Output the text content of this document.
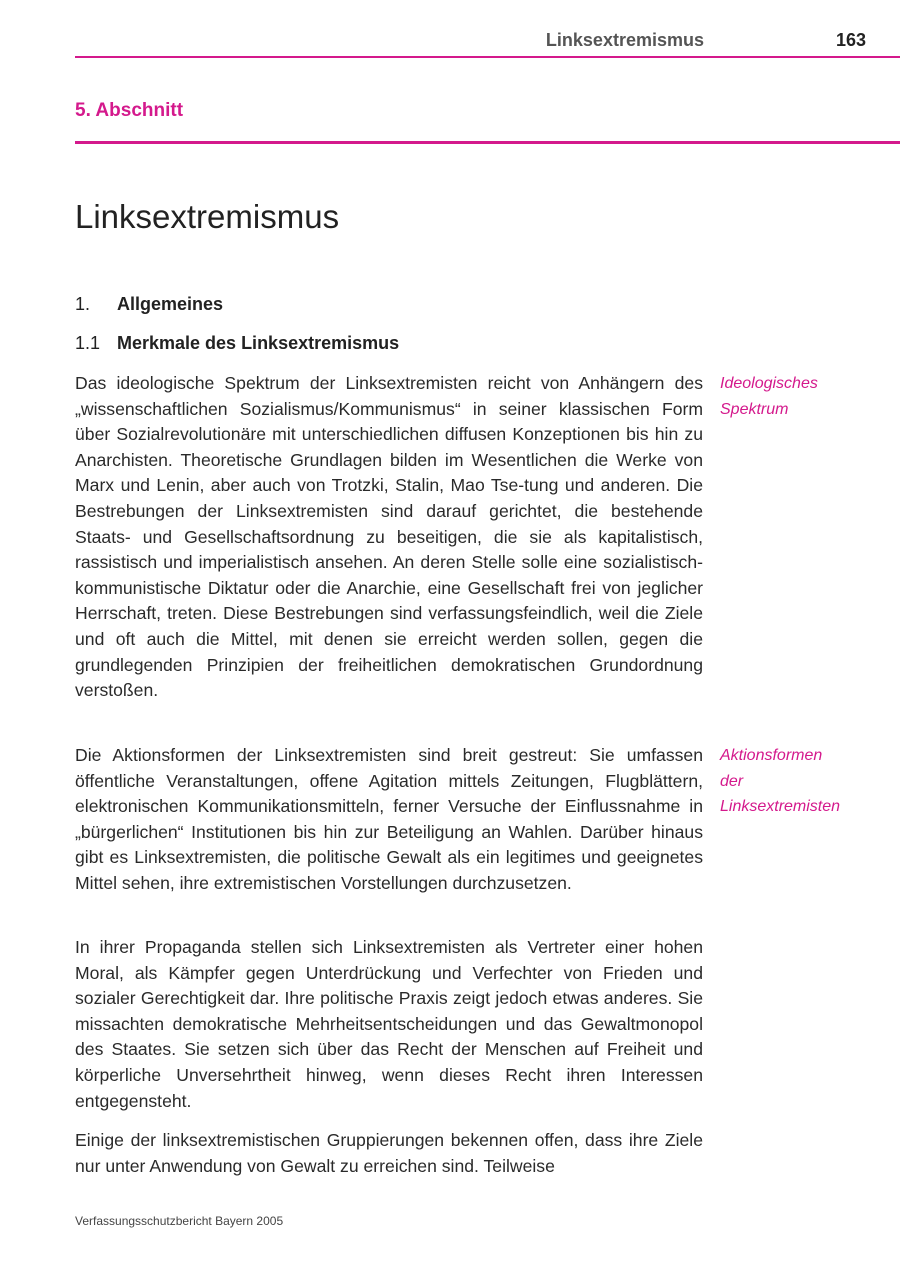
Linksextremismus	163
5. Abschnitt
Linksextremismus
1. Allgemeines
1.1 Merkmale des Linksextremismus

Das ideologische Spektrum der Linksextremisten reicht von Anhängern des „wissenschaftlichen Sozialismus/Kommunismus“ in seiner klassischen Form über Sozialrevolutionäre mit unterschiedlichen diffusen Konzeptionen bis hin zu Anarchisten. Theoretische Grundlagen bilden im Wesentlichen die Werke von Marx und Lenin, aber auch von Trotzki, Stalin, Mao Tse-tung und anderen. Die Bestrebungen der Linksextremisten sind darauf gerichtet, die bestehende Staats- und Gesellschaftsordnung zu beseitigen, die sie als kapitalistisch, rassistisch und imperialistisch ansehen. An deren Stelle solle eine sozialistisch-kommunistische Diktatur oder die Anarchie, eine Gesellschaft frei von jeglicher Herrschaft, treten. Diese Bestrebungen sind verfassungsfeindlich, weil die Ziele und oft auch die Mittel, mit denen sie erreicht werden sollen, gegen die grundlegenden Prinzipien der freiheitlichen demokratischen Grundordnung verstoßen.

Ideologisches Spektrum

Die Aktionsformen der Linksextremisten sind breit gestreut: Sie umfassen öffentliche Veranstaltungen, offene Agitation mittels Zeitungen, Flugblättern, elektronischen Kommunikationsmitteln, ferner Versuche der Einflussnahme in „bürgerlichen“ Institutionen bis hin zur Beteiligung an Wahlen. Darüber hinaus gibt es Linksextremisten, die politische Gewalt als ein legitimes und geeignetes Mittel sehen, ihre extremistischen Vorstellungen durchzusetzen.

Aktionsformen der Linksextremisten

In ihrer Propaganda stellen sich Linksextremisten als Vertreter einer hohen Moral, als Kämpfer gegen Unterdrückung und Verfechter von Frieden und sozialer Gerechtigkeit dar. Ihre politische Praxis zeigt jedoch etwas anderes. Sie missachten demokratische Mehrheitsentscheidungen und das Gewaltmonopol des Staates. Sie setzen sich über das Recht der Menschen auf Freiheit und körperliche Unversehrtheit hinweg, wenn dieses Recht ihren Interessen entgegensteht.

Einige der linksextremistischen Gruppierungen bekennen offen, dass ihre Ziele nur unter Anwendung von Gewalt zu erreichen sind. Teilweise

Verfassungsschutzbericht Bayern 2005
